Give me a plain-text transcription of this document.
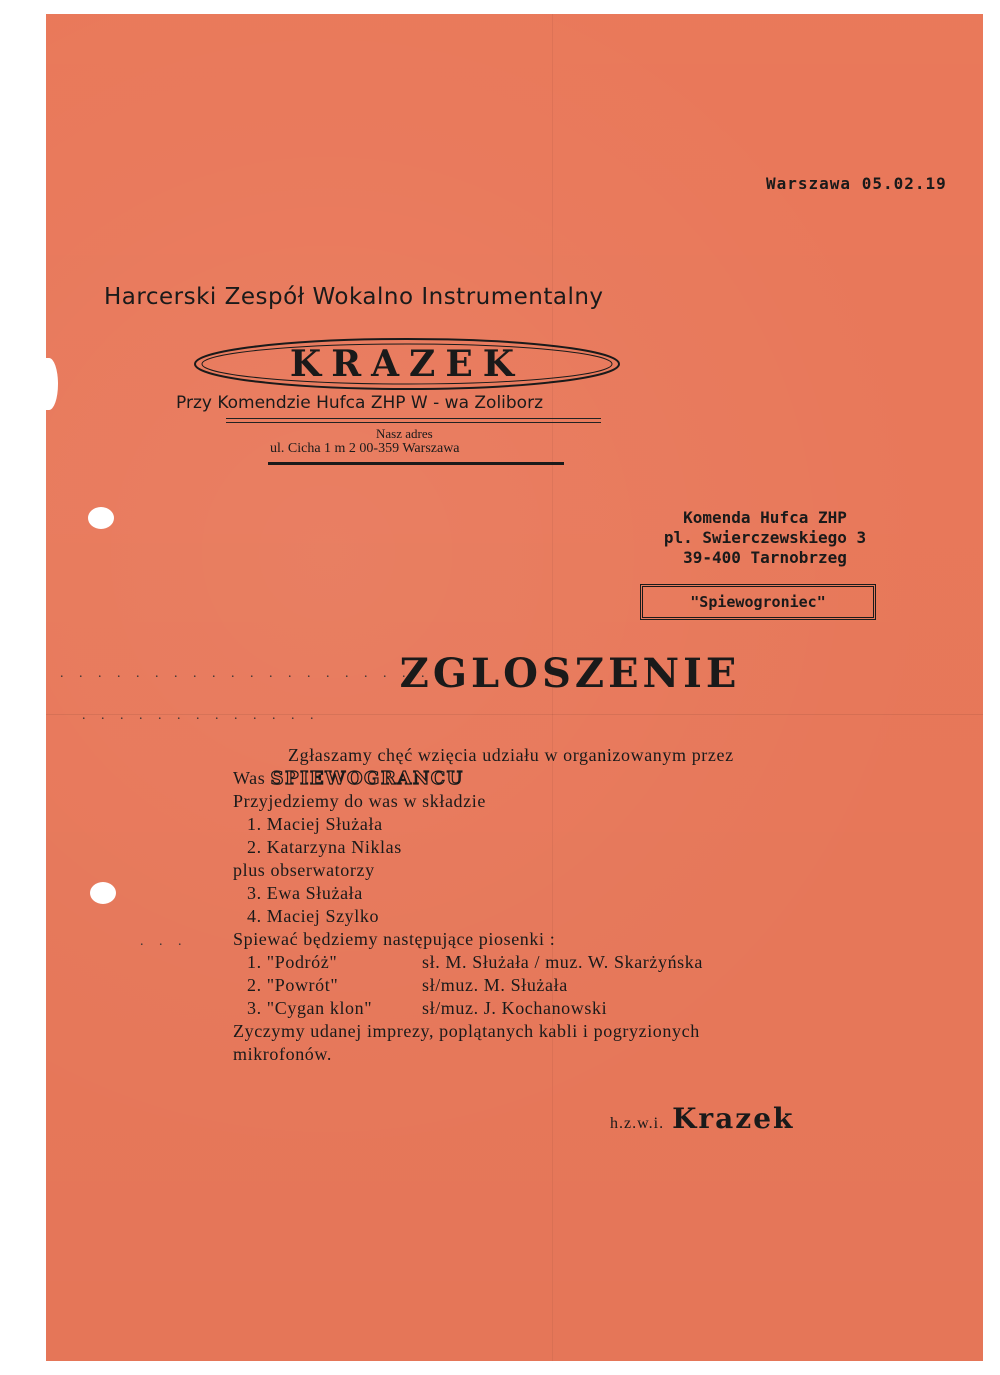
Warszawa 05.02.19
Harcerski Zespół Wokalno Instrumentalny
KRAZEK
Przy Komendzie Hufca ZHP W - wa Zoliborz
Nasz adres
ul. Cicha 1 m 2 00-359 Warszawa
Komenda Hufca ZHP
pl. Swierczewskiego 3
39-400 Tarnobrzeg
"Spiewogroniec"
ZGLOSZENIE
. . . . . . . . . . . . . . . . . . . .
. . . . . . . . . . . . .
. . .
Zgłaszamy chęć wzięcia udziału w organizowanym przez
Was SPIEWOGRANCU
Przyjedziemy do was w składzie
1. Maciej Służała
2. Katarzyna Niklas
plus obserwatorzy
3. Ewa Służała
4. Maciej Szylko
Spiewać będziemy następujące piosenki :
1. "Podróż"	sł. M. Służała / muz. W. Skarżyńska
2. "Powrót"	sł/muz. M. Służała
3. "Cygan klon"	sł/muz. J. Kochanowski
Zyczymy udanej imprezy, poplątanych kabli i pogryzionych
mikrofonów.
h.z.w.i. Krazek
